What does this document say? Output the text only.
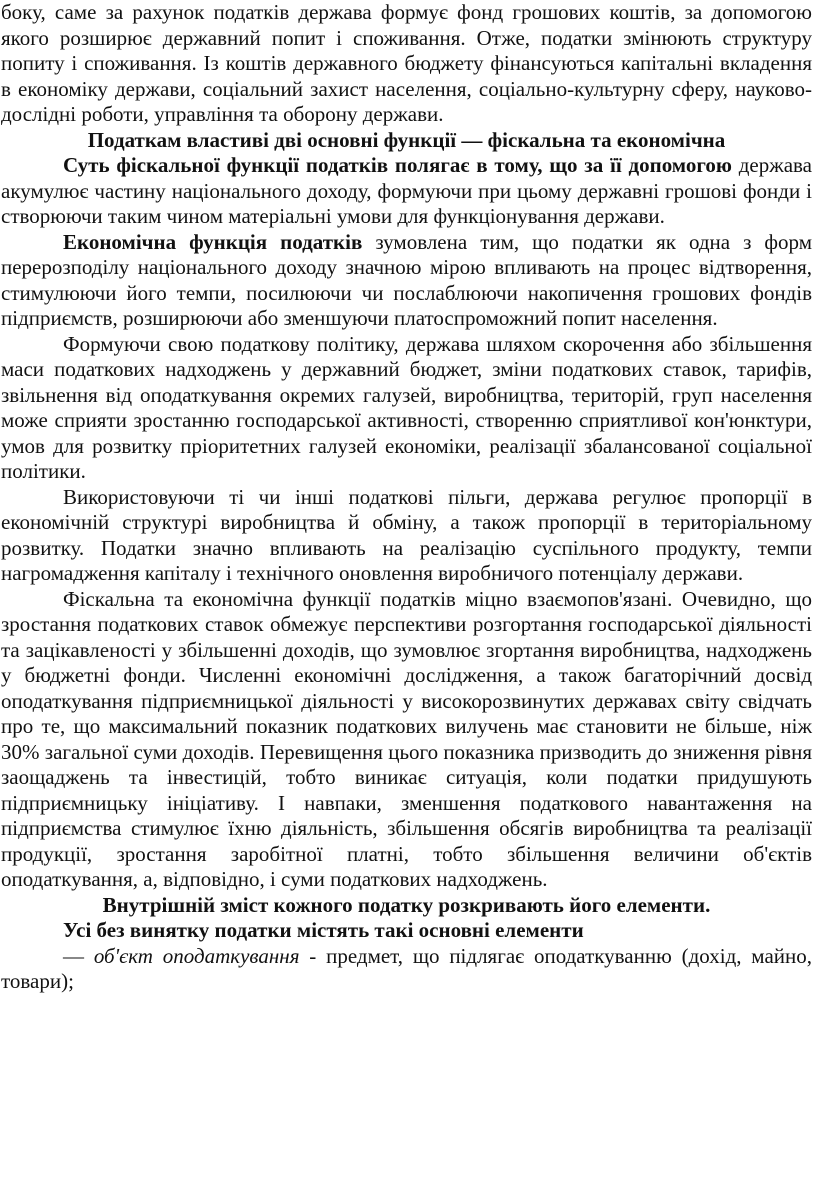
боку, саме за рахунок податків держава формує фонд грошових коштів, за допомогою якого розширює державний попит і споживання. Отже, податки змінюють структуру попиту і споживання. Із коштів державного бюджету фінансуються капітальні вкладення в економіку держави, соціальний захист населення, соціально-культурну сферу, науково-дослідні роботи, управління та оборону держави.

Податкам властиві дві основні функції — фіскальна та економічна

Суть фіскальної функції податків полягає в тому, що за її допомогою держава акумулює частину національного доходу, формуючи при цьому державні грошові фонди і створюючи таким чином матеріальні умови для функціонування держави.

Економічна функція податків зумовлена тим, що податки як одна з форм перерозподілу національного доходу значною мірою впливають на процес відтворення, стимулюючи його темпи, посилюючи чи послаблюючи накопичення грошових фондів підприємств, розширюючи або зменшуючи платоспроможний попит населення.

Формуючи свою податкову політику, держава шляхом скорочення або збільшення маси податкових надходжень у державний бюджет, зміни податкових ставок, тарифів, звільнення від оподаткування окремих галузей, виробництва, територій, груп населення може сприяти зростанню господарської активності, створенню сприятливої кон'юнктури, умов для розвитку пріоритетних галузей економіки, реалізації збалансованої соціальної політики.

Використовуючи ті чи інші податкові пільги, держава регулює пропорції в економічній структурі виробництва й обміну, а також пропорції в територіальному розвитку. Податки значно впливають на реалізацію суспільного продукту, темпи нагромадження капіталу і технічного оновлення виробничого потенціалу держави.

Фіскальна та економічна функції податків міцно взаємопов'язані. Очевидно, що зростання податкових ставок обмежує перспективи розгортання господарської діяльності та зацікавленості у збільшенні доходів, що зумовлює згортання виробництва, надходжень у бюджетні фонди. Численні економічні дослідження, а також багаторічний досвід оподаткування підприємницької діяльності у високорозвинутих державах світу свідчать про те, що максимальний показник податкових вилучень має становити не більше, ніж 30% загальної суми доходів. Перевищення цього показника призводить до зниження рівня заощаджень та інвестицій, тобто виникає ситуація, коли податки придушують підприємницьку ініціативу. І навпаки, зменшення податкового навантаження на підприємства стимулює їхню діяльність, збільшення обсягів виробництва та реалізації продукції, зростання заробітної платні, тобто збільшення величини об'єктів оподаткування, а, відповідно, і суми податкових надходжень.

Внутрішній зміст кожного податку розкривають його елементи.

Усі без винятку податки містять такі основні елементи

— об'єкт оподаткування - предмет, що підлягає оподаткуванню (дохід, майно, товари);
